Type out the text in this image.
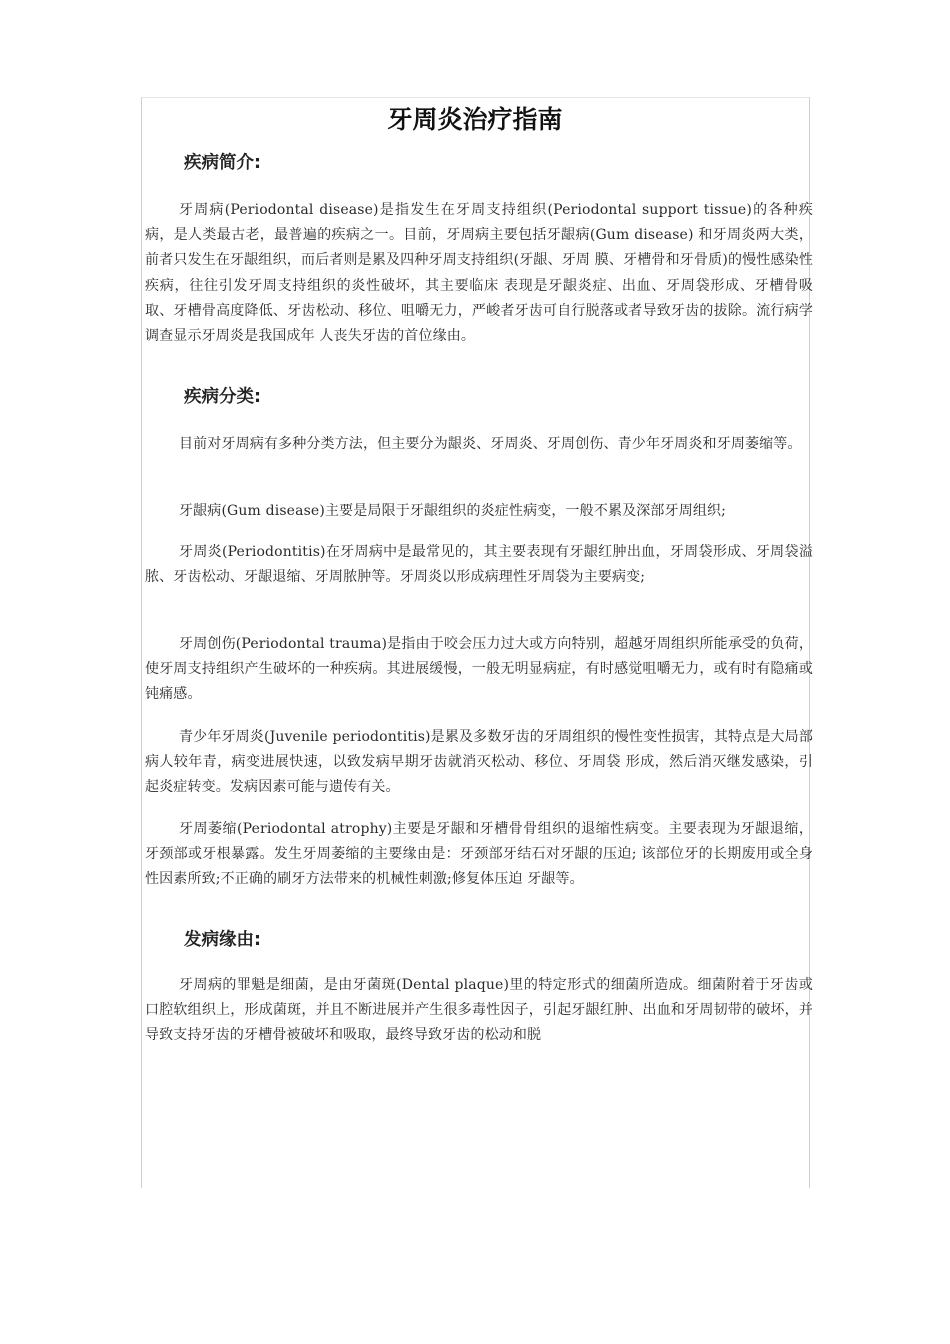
牙周炎治疗指南
疾病简介:

牙周病(Periodontal disease)是指发生在牙周支持组织(Periodontal support tissue)的各种疾病，是人类最古老，最普遍的疾病之一。目前，牙周病主要包括牙龈病(Gum disease) 和牙周炎两大类，前者只发生在牙龈组织，而后者则是累及四种牙周支持组织(牙龈、牙周 膜、牙槽骨和牙骨质)的慢性感染性疾病，往往引发牙周支持组织的炎性破坏，其主要临床 表现是牙龈炎症、出血、牙周袋形成、牙槽骨吸取、牙槽骨高度降低、牙齿松动、移位、咀嚼无力，严峻者牙齿可自行脱落或者导致牙齿的拔除。流行病学调查显示牙周炎是我国成年 人丧失牙齿的首位缘由。

疾病分类:

目前对牙周病有多种分类方法，但主要分为龈炎、牙周炎、牙周创伤、青少年牙周炎和牙周萎缩等。

牙龈病(Gum disease)主要是局限于牙龈组织的炎症性病变，一般不累及深部牙周组织;

牙周炎(Periodontitis)在牙周病中是最常见的，其主要表现有牙龈红肿出血，牙周袋形成、牙周袋溢脓、牙齿松动、牙龈退缩、牙周脓肿等。牙周炎以形成病理性牙周袋为主要病变;

牙周创伤(Periodontal trauma)是指由于咬会压力过大或方向特别，超越牙周组织所能承受的负荷，使牙周支持组织产生破坏的一种疾病。其进展缓慢，一般无明显病症，有时感觉咀嚼无力，或有时有隐痛或钝痛感。

青少年牙周炎(Juvenile periodontitis)是累及多数牙齿的牙周组织的慢性变性损害，其特点是大局部病人较年青，病变进展快速，以致发病早期牙齿就消灭松动、移位、牙周袋 形成，然后消灭继发感染，引起炎症转变。发病因素可能与遗传有关。

牙周萎缩(Periodontal atrophy)主要是牙龈和牙槽骨骨组织的退缩性病变。主要表现为牙龈退缩，牙颈部或牙根暴露。发生牙周萎缩的主要缘由是：牙颈部牙结石对牙龈的压迫; 该部位牙的长期废用或全身性因素所致;不正确的刷牙方法带来的机械性刺激;修复体压迫 牙龈等。

发病缘由:

牙周病的罪魁是细菌，是由牙菌斑(Dental plaque)里的特定形式的细菌所造成。细菌附着于牙齿或口腔软组织上，形成菌斑，并且不断进展并产生很多毒性因子，引起牙龈红肿、出血和牙周韧带的破坏，并导致支持牙齿的牙槽骨被破坏和吸取，最终导致牙齿的松动和脱
